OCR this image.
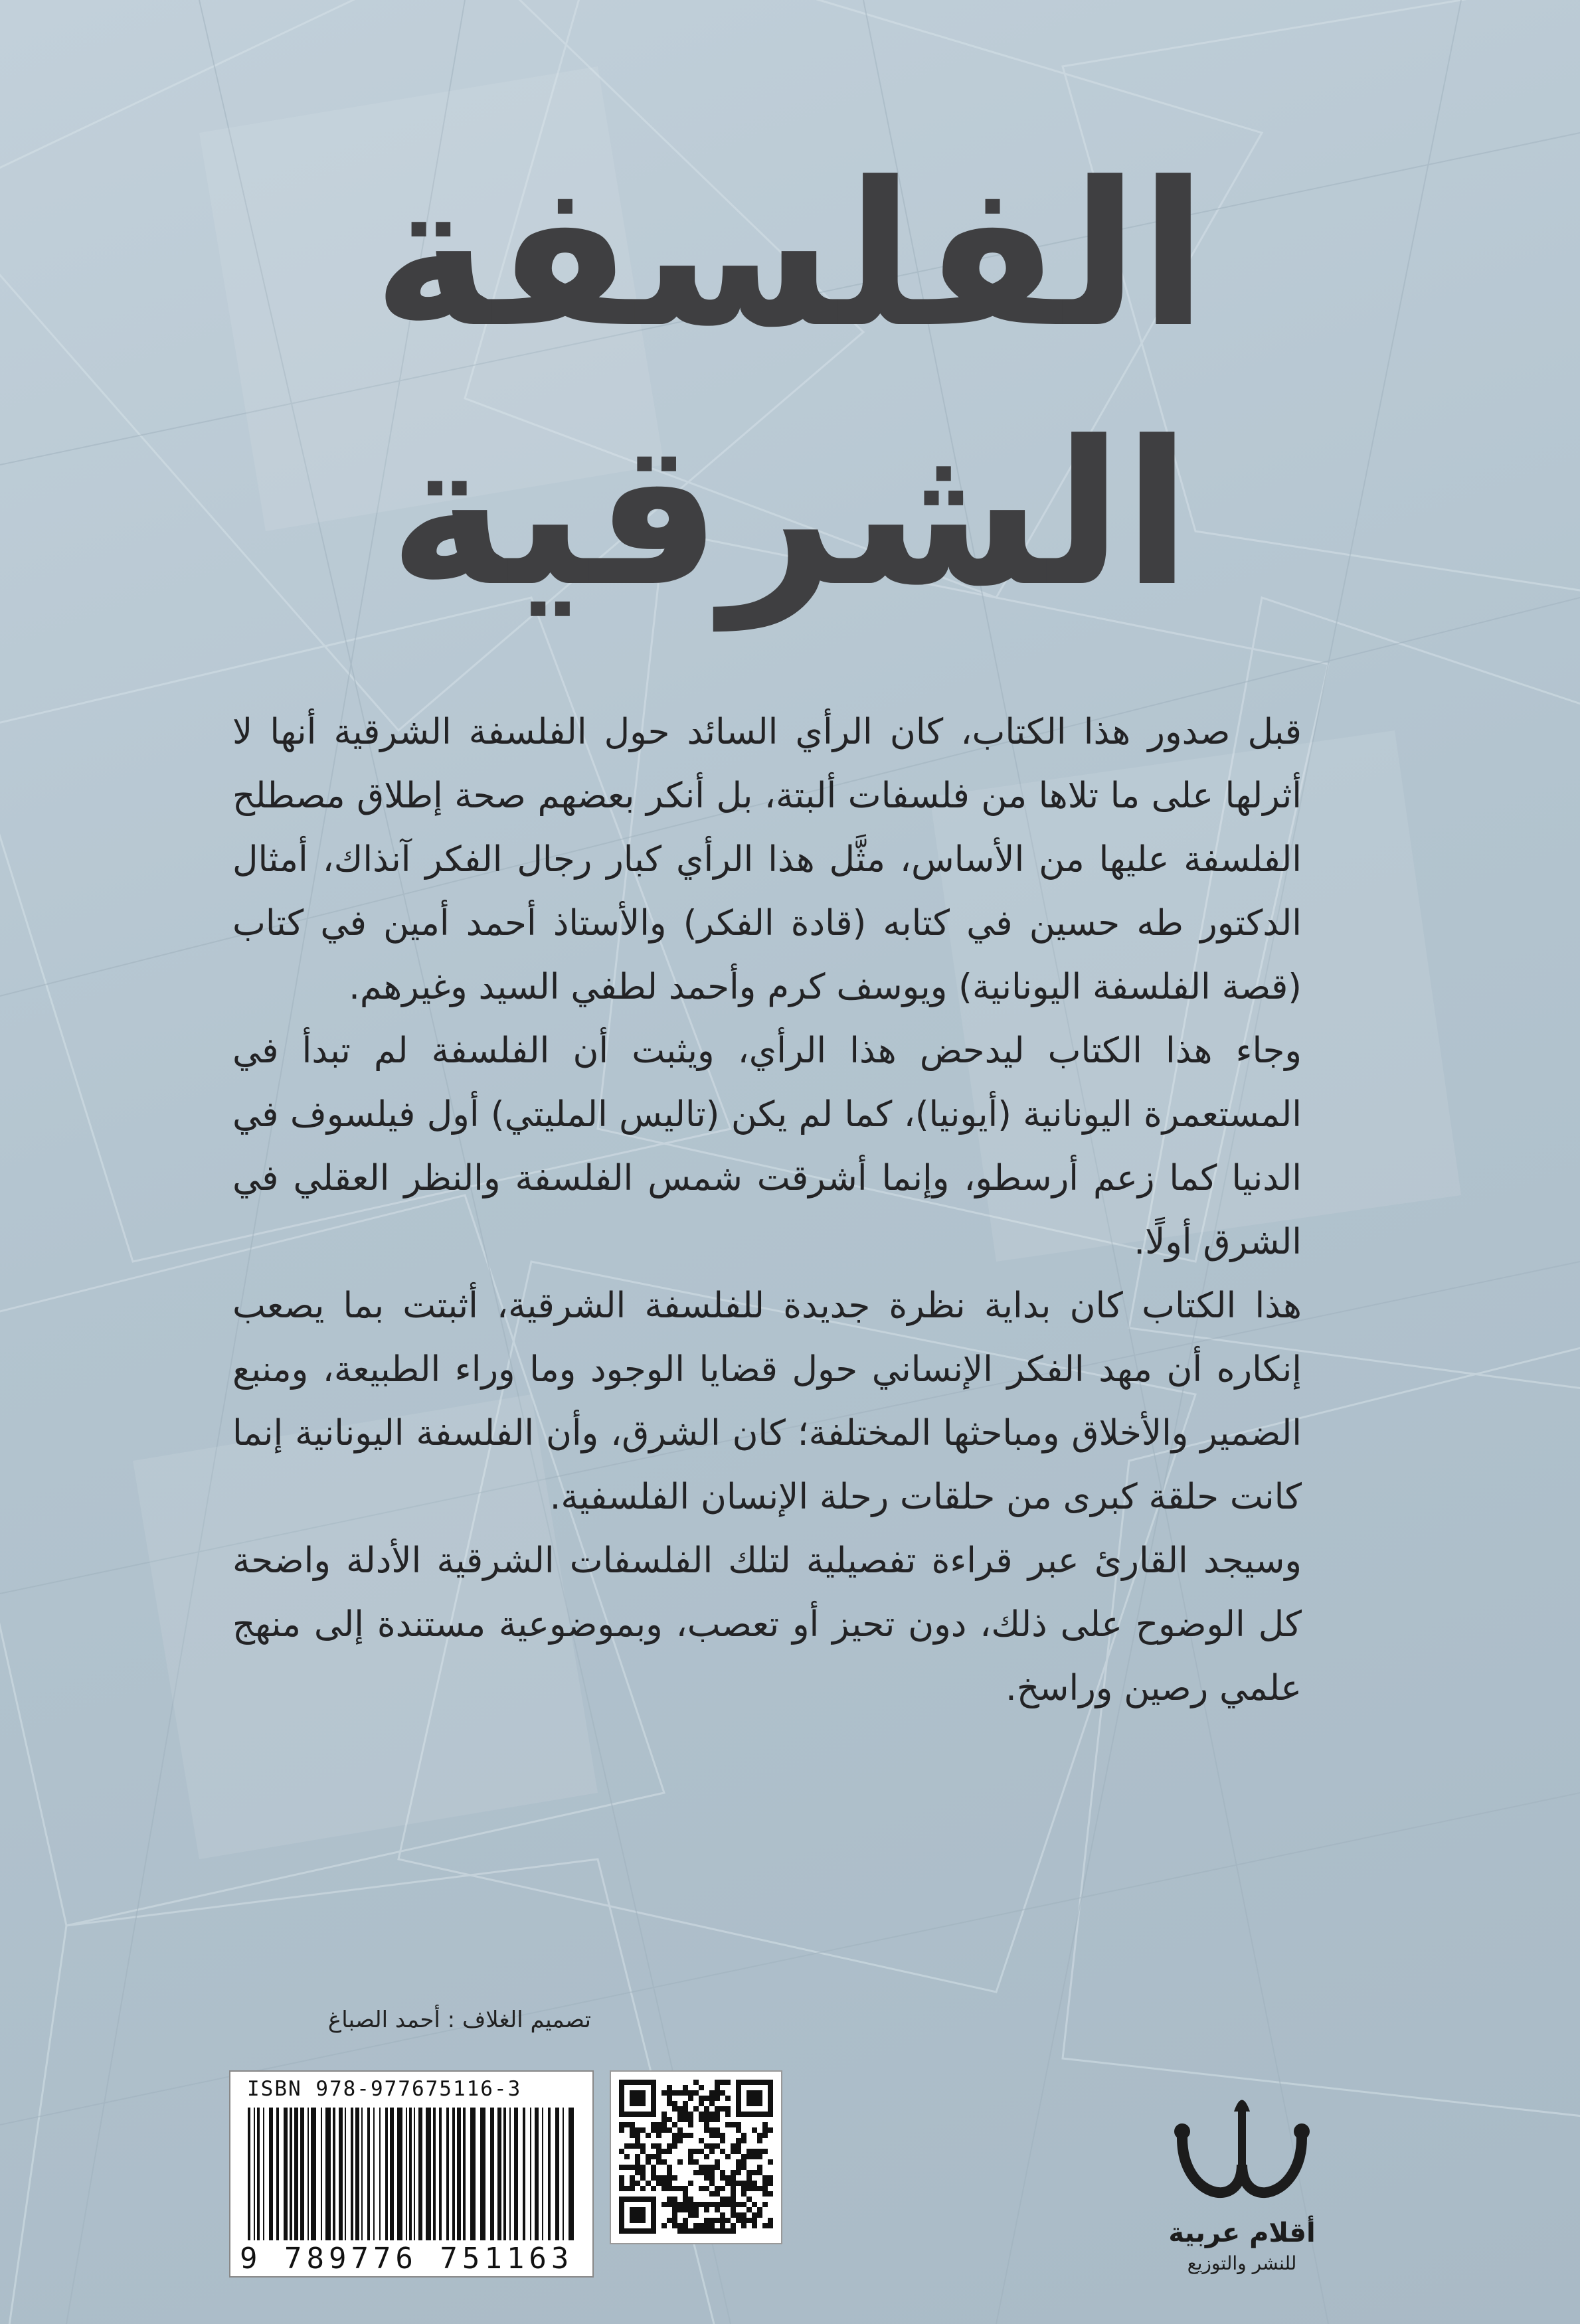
الفلسفة
الشرقية

قبل صدور هذا الكتاب، كان الرأي السائد حول الفلسفة الشرقية أنها لا أثرلها على ما تلاها من فلسفات ألبتة، بل أنكر بعضهم صحة إطلاق مصطلح الفلسفة عليها من الأساس، مثَّل هذا الرأي كبار رجال الفكر آنذاك، أمثال الدكتور طه حسين في كتابه (قادة الفكر) والأستاذ أحمد أمين في كتاب (قصة الفلسفة اليونانية) ويوسف كرم وأحمد لطفي السيد وغيرهم.

وجاء هذا الكتاب ليدحض هذا الرأي، ويثبت أن الفلسفة لم تبدأ في المستعمرة اليونانية (أيونيا)، كما لم يكن (تاليس المليتي) أول فيلسوف في الدنيا كما زعم أرسطو، وإنما أشرقت شمس الفلسفة والنظر العقلي في الشرق أولًا.

هذا الكتاب كان بداية نظرة جديدة للفلسفة الشرقية، أثبتت بما يصعب إنكاره أن مهد الفكر الإنساني حول قضايا الوجود وما وراء الطبيعة، ومنبع الضمير والأخلاق ومباحثها المختلفة؛ كان الشرق، وأن الفلسفة اليونانية إنما كانت حلقة كبرى من حلقات رحلة الإنسان الفلسفية.

وسيجد القارئ عبر قراءة تفصيلية لتلك الفلسفات الشرقية الأدلة واضحة كل الوضوح على ذلك، دون تحيز أو تعصب، وبموضوعية مستندة إلى منهج علمي رصين وراسخ.

تصميم الغلاف : أحمد الصباغ
ISBN 978-977675116-3
9 789776 751163
أقلام عربية
للنشر والتوزيع
